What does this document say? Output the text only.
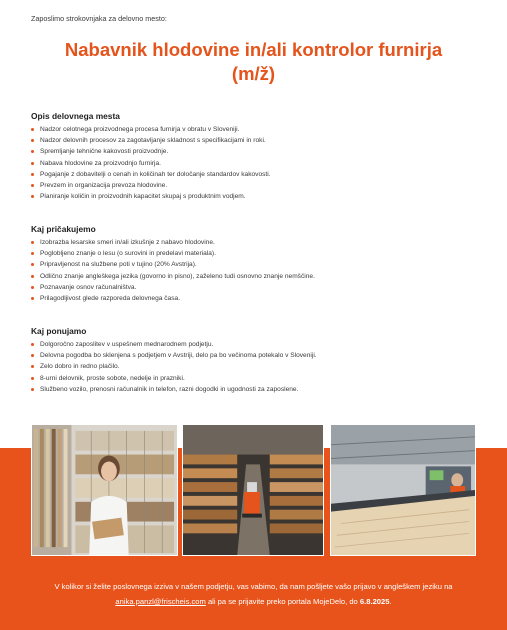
Zaposlimo strokovnjaka za delovno mesto:
Nabavnik hlodovine in/ali kontrolor furnirja
(m/ž)
Opis delovnega mesta
Nadzor celotnega proizvodnega procesa furnirja v obratu v Sloveniji.
Nadzor delovnih procesov za zagotavljanje skladnost s specifikacijami in roki.
Spremljanje tehnične kakovosti proizvodnje.
Nabava hlodovine za proizvodnjo furnirja.
Pogajanje z dobavitelji o cenah in količinah ter določanje standardov kakovosti.
Prevzem in organizacija prevoza hlodovine.
Planiranje količin in proizvodnih kapacitet skupaj s produktnim vodjem.
Kaj pričakujemo
Izobrazba lesarske smeri in/ali izkušnje z nabavo hlodovine.
Poglobljeno znanje o lesu (o surovini in predelavi materiala).
Pripravljenost na službene poti v tujino (20% Avstrija).
Odlično znanje angleškega jezika (govorno in pisno), zaželeno tudi osnovno znanje nemščine.
Poznavanje osnov računalništva.
Prilagodljivost glede razporeda delovnega časa.
Kaj ponujamo
Dolgoročno zaposlitev v uspešnem mednarodnem podjetju.
Delovna pogodba bo sklenjena s podjetjem v Avstriji, delo pa bo večinoma potekalo v Sloveniji.
Zelo dobro in redno plačilo.
8-urni delovnik, proste sobote, nedelje in prazniki.
Službeno vozilo, prenosni računalnik in telefon, razni dogodki in ugodnosti za zaposlene.
V kolikor si želite poslovnega izziva v našem podjetju, vas vabimo, da nam pošljete vašo prijavo v angleškem jeziku na anika.panzl@frischeis.com ali pa se prijavite preko portala MojeDelo, do 6.8.2025.
